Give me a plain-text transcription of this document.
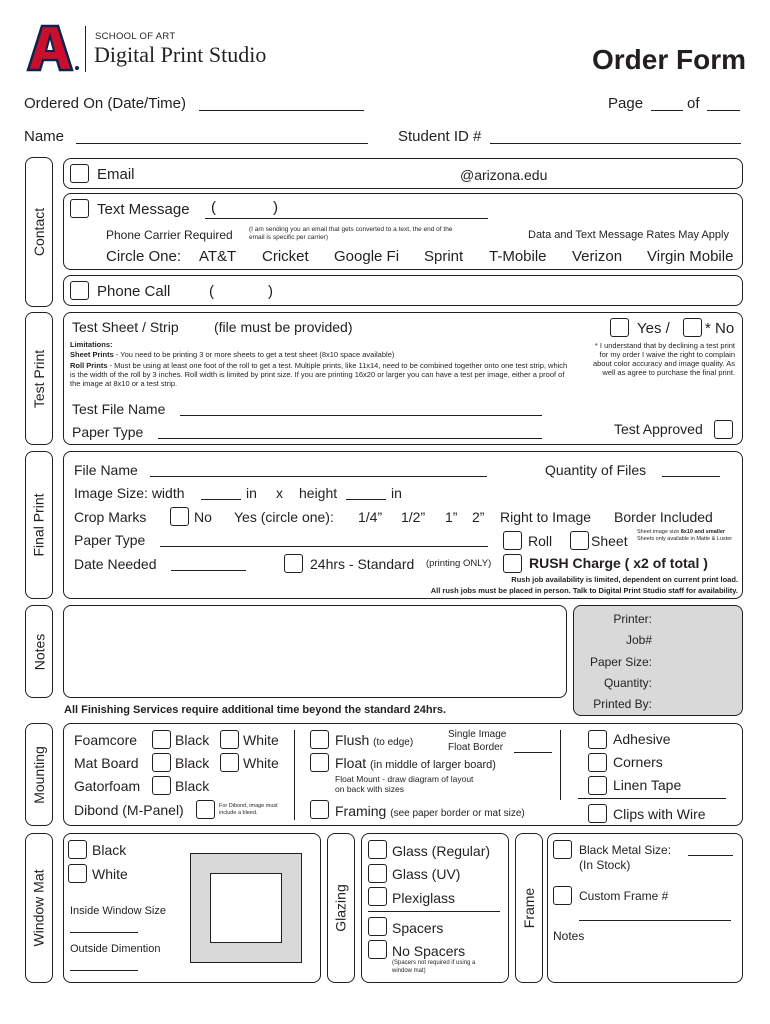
SCHOOL OF ART
Digital Print Studio	Order Form
Ordered On (Date/Time)	Page	of
Name	Student ID #
Contact
Email	@arizona.edu
Text Message (	)
Phone Carrier Required	(I am sending you an email that gets converted to a text, the end of the email is specific per carrier)	Data and Text Message Rates May Apply
Circle One: AT&T Cricket Google Fi Sprint T-Mobile Verizon Virgin Mobile
Phone Call	(	)
Test Print
Test Sheet / Strip	(file must be provided)	Yes / * No
Limitations:
Sheet Prints - You need to be printing 3 or more sheets to get a test sheet (8x10 space available)
Roll Prints - Must be using at least one foot of the roll to get a test. Multiple prints, like 11x14, need to be combined together onto one test strip, which is the width of the roll by 3 inches. Roll width is limited by print size. If you are printing 16x20 or larger you can have a test per image, either a proof of the image at 8x10 or a test strip.
* I understand that by declining a test print for my order I waive the right to complain about color accuracy and image quality. As well as agree to purchase the final print.
Test File Name
Paper Type	Test Approved
Final Print
File Name	Quantity of Files
Image Size: width	in x height	in
Crop Marks	No Yes (circle one): 1/4” 1/2” 1” 2” Right to Image Border Included
Paper Type	Roll	Sheet
Sheet image size 8x10 and smaller
Sheets only available in Matte & Luster
Date Needed	24hrs - Standard (printing ONLY)	RUSH Charge ( x2 of total )
Rush job availability is limited, dependent on current print load.
All rush jobs must be placed in person. Talk to Digital Print Studio staff for availability.
Notes
Printer:
Job#
Paper Size:
Quantity:
Printed By:
All Finishing Services require additional time beyond the standard 24hrs.
Mounting
Foamcore	Black White
Mat Board	Black White
Gatorfoam Black
Dibond (M-Panel)	For Dibond, image must include a bleed.
Flush (to edge)
Single Image
Float Border
Float (in middle of larger board)
Float Mount - draw diagram of layout on back with sizes
Framing (see paper border or mat size)
Adhesive
Corners
Linen Tape
Clips with Wire
Window Mat
Black
White
Inside Window Size
Outside Dimention
Glazing
Glass (Regular)
Glass (UV)
Plexiglass
Spacers
No Spacers
(Spacers not required if using a window mat)
Frame
Black Metal Size:
(In Stock)
Custom Frame #
Notes
